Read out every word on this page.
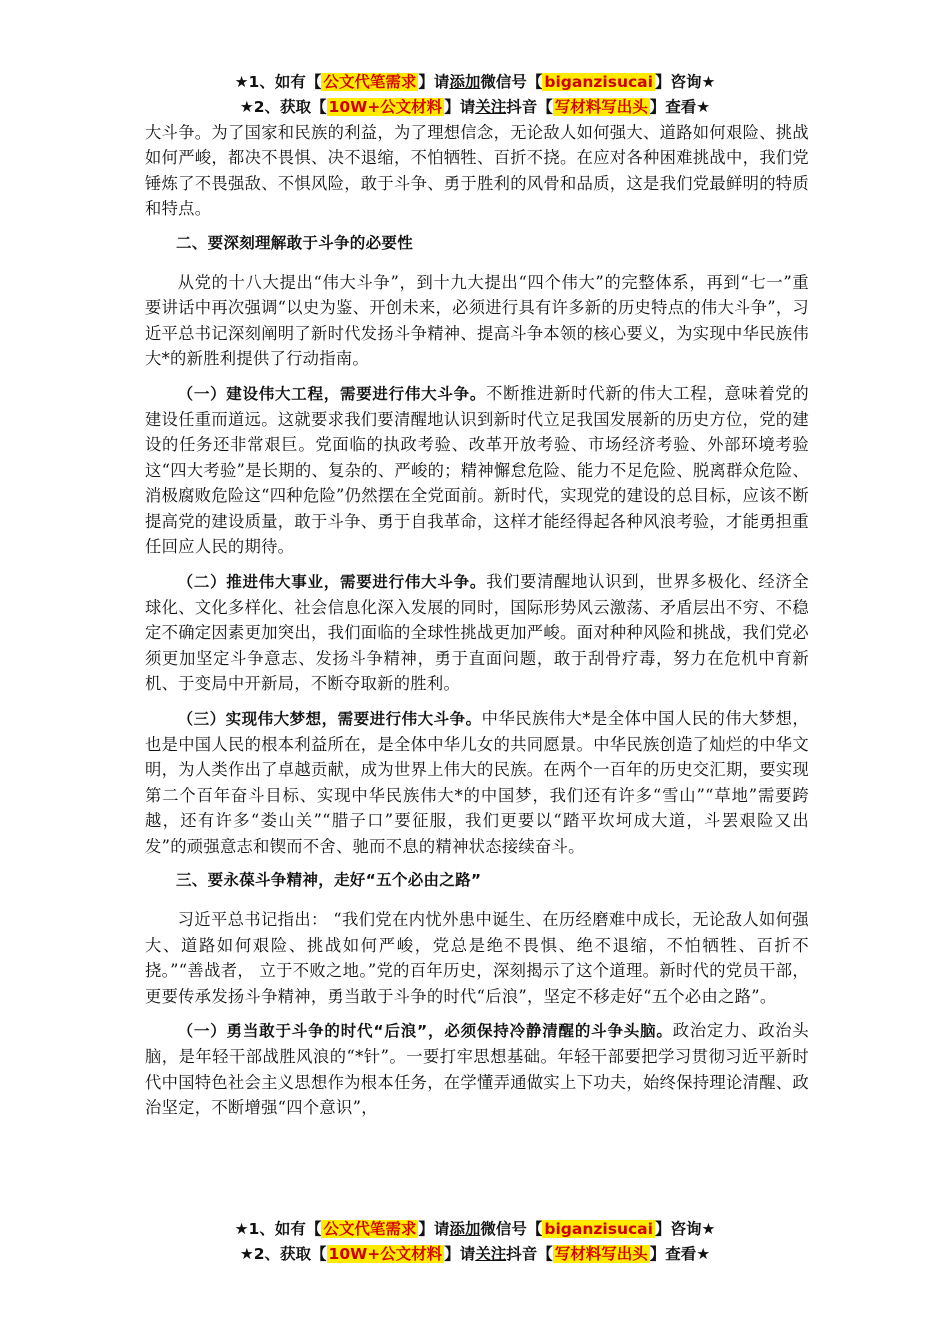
★1、如有【 公文代笔需求 】请添加微信号【 biganzisucai 】咨询★
★2、获取【 10W+公文材料 】请关注抖音【 写材料写出头 】查看★

大斗争。为了国家和民族的利益，为了理想信念，无论敌人如何强大、道路如何艰险、挑战如何严峻，都决不畏惧、决不退缩，不怕牺牲、百折不挠。在应对各种困难挑战中，我们党锤炼了不畏强敌、不惧风险，敢于斗争、勇于胜利的风骨和品质，这是我们党最鲜明的特质和特点。

二、要深刻理解敢于斗争的必要性

从党的十八大提出“伟大斗争”，到十九大提出“四个伟大”的完整体系，再到“七一”重要讲话中再次强调“以史为鉴、开创未来，必须进行具有许多新的历史特点的伟大斗争”，习近平总书记深刻阐明了新时代发扬斗争精神、提高斗争本领的核心要义，为实现中华民族伟大*的新胜利提供了行动指南。

（一）建设伟大工程，需要进行伟大斗争。不断推进新时代新的伟大工程，意味着党的建设任重而道远。这就要求我们要清醒地认识到新时代立足我国发展新的历史方位，党的建设的任务还非常艰巨。党面临的执政考验、改革开放考验、市场经济考验、外部环境考验这“四大考验”是长期的、复杂的、严峻的；精神懈怠危险、能力不足危险、脱离群众危险、消极腐败危险这“四种危险”仍然摆在全党面前。新时代，实现党的建设的总目标，应该不断提高党的建设质量，敢于斗争、勇于自我革命，这样才能经得起各种风浪考验，才能勇担重任回应人民的期待。

（二）推进伟大事业，需要进行伟大斗争。我们要清醒地认识到，世界多极化、经济全球化、文化多样化、社会信息化深入发展的同时，国际形势风云激荡、矛盾层出不穷、不稳定不确定因素更加突出，我们面临的全球性挑战更加严峻。面对种种风险和挑战，我们党必须更加坚定斗争意志、发扬斗争精神，勇于直面问题，敢于刮骨疗毒，努力在危机中育新机、于变局中开新局，不断夺取新的胜利。

（三）实现伟大梦想，需要进行伟大斗争。中华民族伟大*是全体中国人民的伟大梦想，也是中国人民的根本利益所在，是全体中华儿女的共同愿景。中华民族创造了灿烂的中华文明，为人类作出了卓越贡献，成为世界上伟大的民族。在两个一百年的历史交汇期，要实现第二个百年奋斗目标、实现中华民族伟大*的中国梦，我们还有许多“雪山”“草地”需要跨越，还有许多“娄山关”“腊子口”要征服，我们更要以“踏平坎坷成大道，斗罢艰险又出发”的顽强意志和锲而不舍、驰而不息的精神状态接续奋斗。

三、要永葆斗争精神，走好“五个必由之路”

习近平总书记指出： “我们党在内忧外患中诞生、在历经磨难中成长，无论敌人如何强大、道路如何艰险、挑战如何严峻，党总是绝不畏惧、绝不退缩，不怕牺牲、百折不挠。”“善战者， 立于不败之地。”党的百年历史，深刻揭示了这个道理。新时代的党员干部，更要传承发扬斗争精神，勇当敢于斗争的时代“后浪”，坚定不移走好“五个必由之路”。

（一）勇当敢于斗争的时代“后浪”，必须保持冷静清醒的斗争头脑。政治定力、政治头脑，是年轻干部战胜风浪的“*针”。一要打牢思想基础。年轻干部要把学习贯彻习近平新时代中国特色社会主义思想作为根本任务，在学懂弄通做实上下功夫，始终保持理论清醒、政治坚定，不断增强“四个意识”，

★1、如有【 公文代笔需求 】请添加微信号【 biganzisucai 】咨询★
★2、获取【 10W+公文材料 】请关注抖音【 写材料写出头 】查看★
